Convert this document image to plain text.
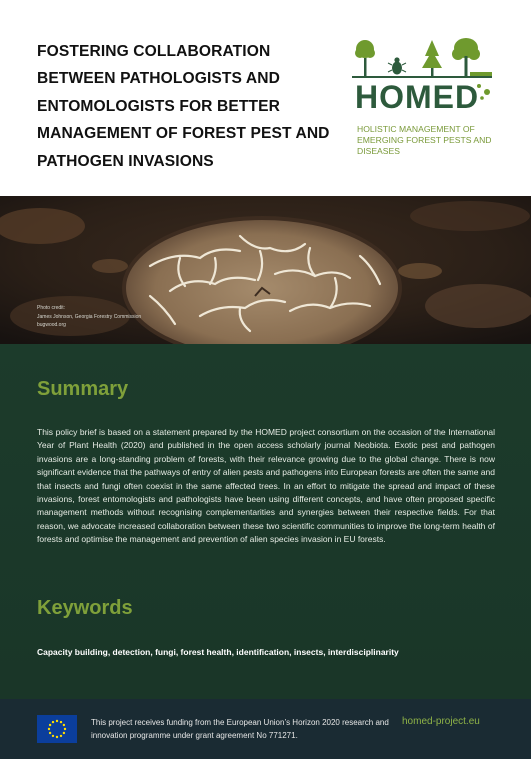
FOSTERING COLLABORATION BETWEEN PATHOLOGISTS AND ENTOMOLOGISTS FOR BETTER MANAGEMENT OF FOREST PEST AND PATHOGEN INVASIONS
HOMED
HOLISTIC MANAGEMENT OF EMERGING FOREST PESTS AND DISEASES
Photo credit:
James Johnson, Georgia Forestry Commission
bugwood.org
Summary
This policy brief is based on a statement prepared by the HOMED project consortium on the occasion of the International Year of Plant Health (2020) and published in the open access scholarly journal Neobiota. Exotic pest and pathogen invasions are a long-standing problem of forests, with their relevance growing due to the global change. There is now significant evidence that the pathways of entry of alien pests and pathogens into European forests are often the same and that insects and fungi often coexist in the same affected trees. In an effort to mitigate the spread and impact of these invasions, forest entomologists and pathologists have been using different concepts, and have often proposed specific management methods without recognising complementarities and synergies between their respective fields. For that reason, we advocate increased collaboration between these two scientific communities to improve the long-term health of forests and optimise the management and prevention of alien species invasion in EU forests.
Keywords
Capacity building, detection, fungi, forest health, identification, insects, interdisciplinarity
This project receives funding from the European Union’s Horizon 2020 research and innovation programme under grant agreement No 771271.
homed-project.eu
